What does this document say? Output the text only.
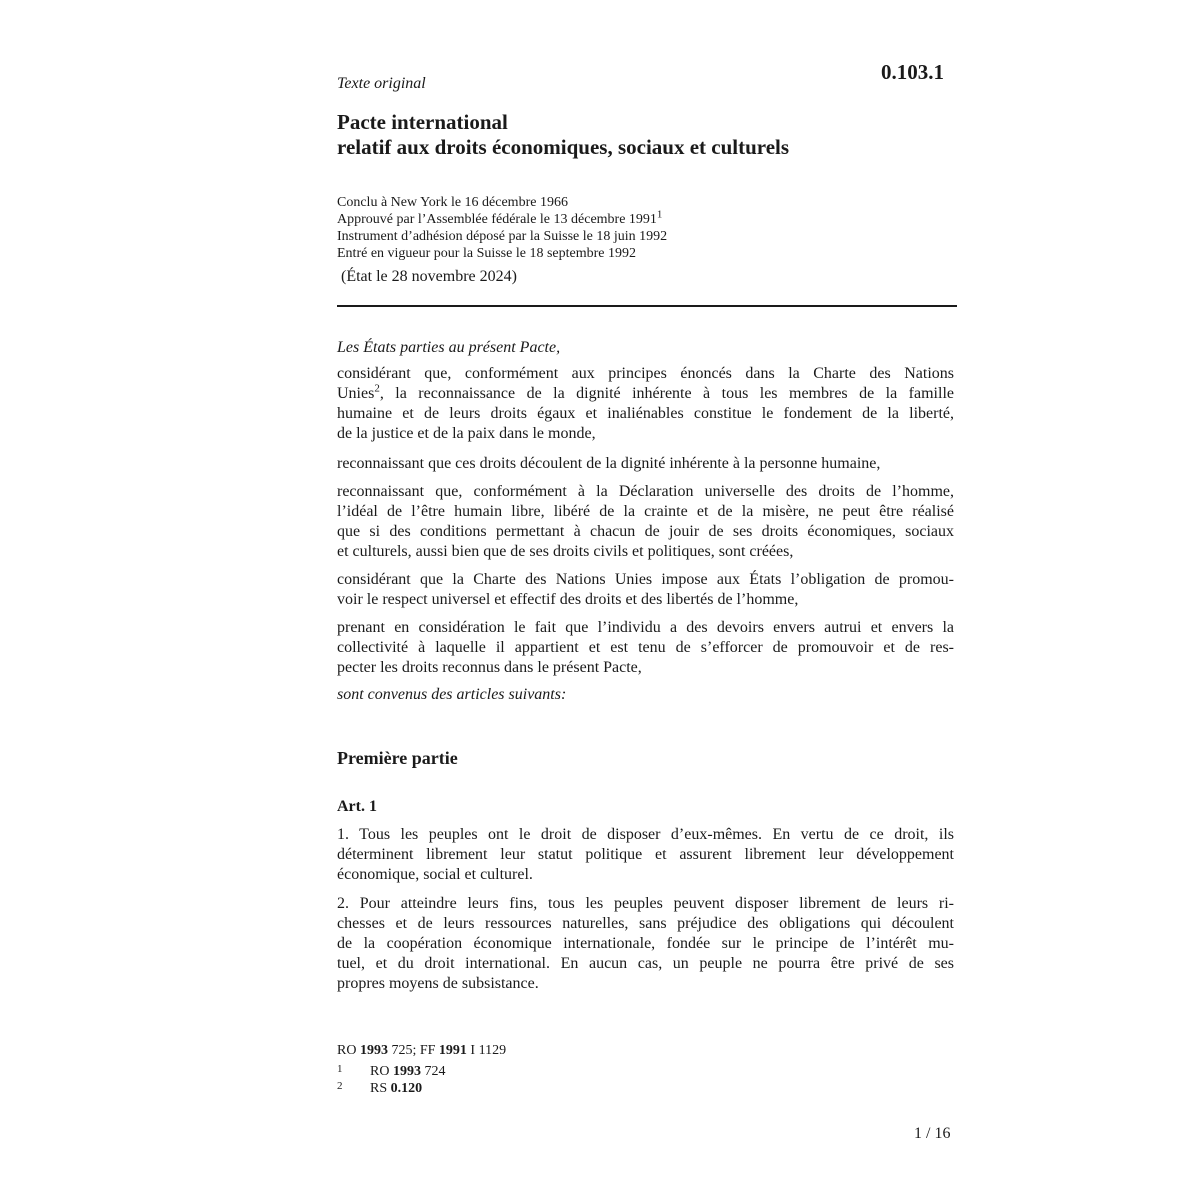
0.103.1
Texte original
Pacte international
relatif aux droits économiques, sociaux et culturels
Conclu à New York le 16 décembre 1966
Approuvé par l’Assemblée fédérale le 13 décembre 1991$^1$
Instrument d’adhésion déposé par la Suisse le 18 juin 1992
Entré en vigueur pour la Suisse le 18 septembre 1992
(État le 28 novembre 2024)
Les États parties au présent Pacte,
considérant que, conformément aux principes énoncés dans la Charte des Nations
Unies$^2$, la reconnaissance de la dignité inhérente à tous les membres de la famille
humaine et de leurs droits égaux et inaliénables constitue le fondement de la liberté,
de la justice et de la paix dans le monde,
reconnaissant que ces droits découlent de la dignité inhérente à la personne humaine,
reconnaissant que, conformément à la Déclaration universelle des droits de l’homme,
l’idéal de l’être humain libre, libéré de la crainte et de la misère, ne peut être réalisé
que si des conditions permettant à chacun de jouir de ses droits économiques, sociaux
et culturels, aussi bien que de ses droits civils et politiques, sont créées,
considérant que la Charte des Nations Unies impose aux États l’obligation de promou-
voir le respect universel et effectif des droits et des libertés de l’homme,
prenant en considération le fait que l’individu a des devoirs envers autrui et envers la
collectivité à laquelle il appartient et est tenu de s’efforcer de promouvoir et de res-
pecter les droits reconnus dans le présent Pacte,
sont convenus des articles suivants:
Première partie
Art. 1
1. Tous les peuples ont le droit de disposer d’eux-mêmes. En vertu de ce droit, ils
déterminent librement leur statut politique et assurent librement leur développement
économique, social et culturel.
2. Pour atteindre leurs fins, tous les peuples peuvent disposer librement de leurs ri-
chesses et de leurs ressources naturelles, sans préjudice des obligations qui découlent
de la coopération économique internationale, fondée sur le principe de l’intérêt mu-
tuel, et du droit international. En aucun cas, un peuple ne pourra être privé de ses
propres moyens de subsistance.
RO 1993 725; FF 1991 I 1129
1 RO 1993 724
2 RS 0.120
1 / 16
